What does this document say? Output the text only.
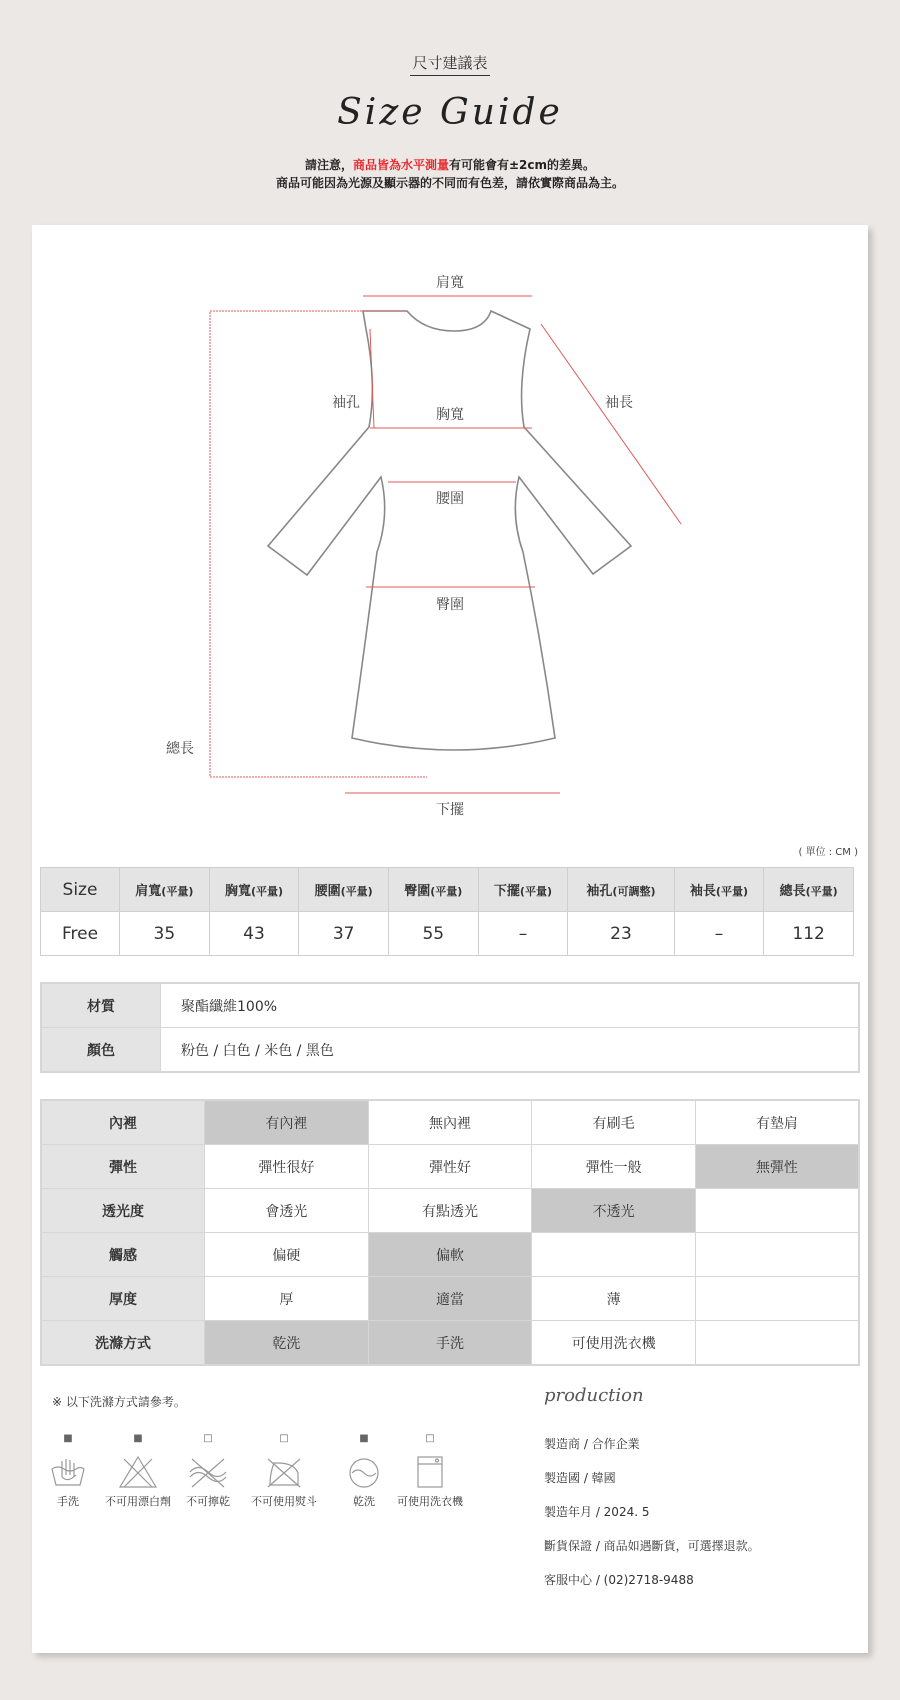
尺寸建議表
Size Guide
請注意，商品皆為水平測量有可能會有±2cm的差異。
商品可能因為光源及顯示器的不同而有色差，請依實際商品為主。
肩寬
袖孔
胸寬
袖長
腰圍
臀圍
總長
下擺
( 單位 : CM )
Size	肩寬(平量)	胸寬(平量)	腰圍(平量)	臀圍(平量)	下擺(平量)	袖孔(可調整)	袖長(平量)	總長(平量)
Free	35	43	37	55	–	23	–	112
材質	聚酯纖維100%
顏色	粉色 / 白色 / 米色 / 黑色
內裡	有內裡	無內裡	有刷毛	有墊肩
彈性	彈性很好	彈性好	彈性一般	無彈性
透光度	會透光	有點透光	不透光	
觸感	偏硬	偏軟		
厚度	厚	適當	薄	
洗滌方式	乾洗	手洗	可使用洗衣機	
※ 以下洗滌方式請參考。
■
手洗
■
不可用漂白劑
□
不可擰乾
□
不可使用熨斗
■
乾洗
□
可使用洗衣機
production
製造商 / 合作企業
製造國 / 韓國
製造年月 / 2024. 5
斷貨保證 / 商品如遇斷貨，可選擇退款。
客服中心 / (02)2718-9488
